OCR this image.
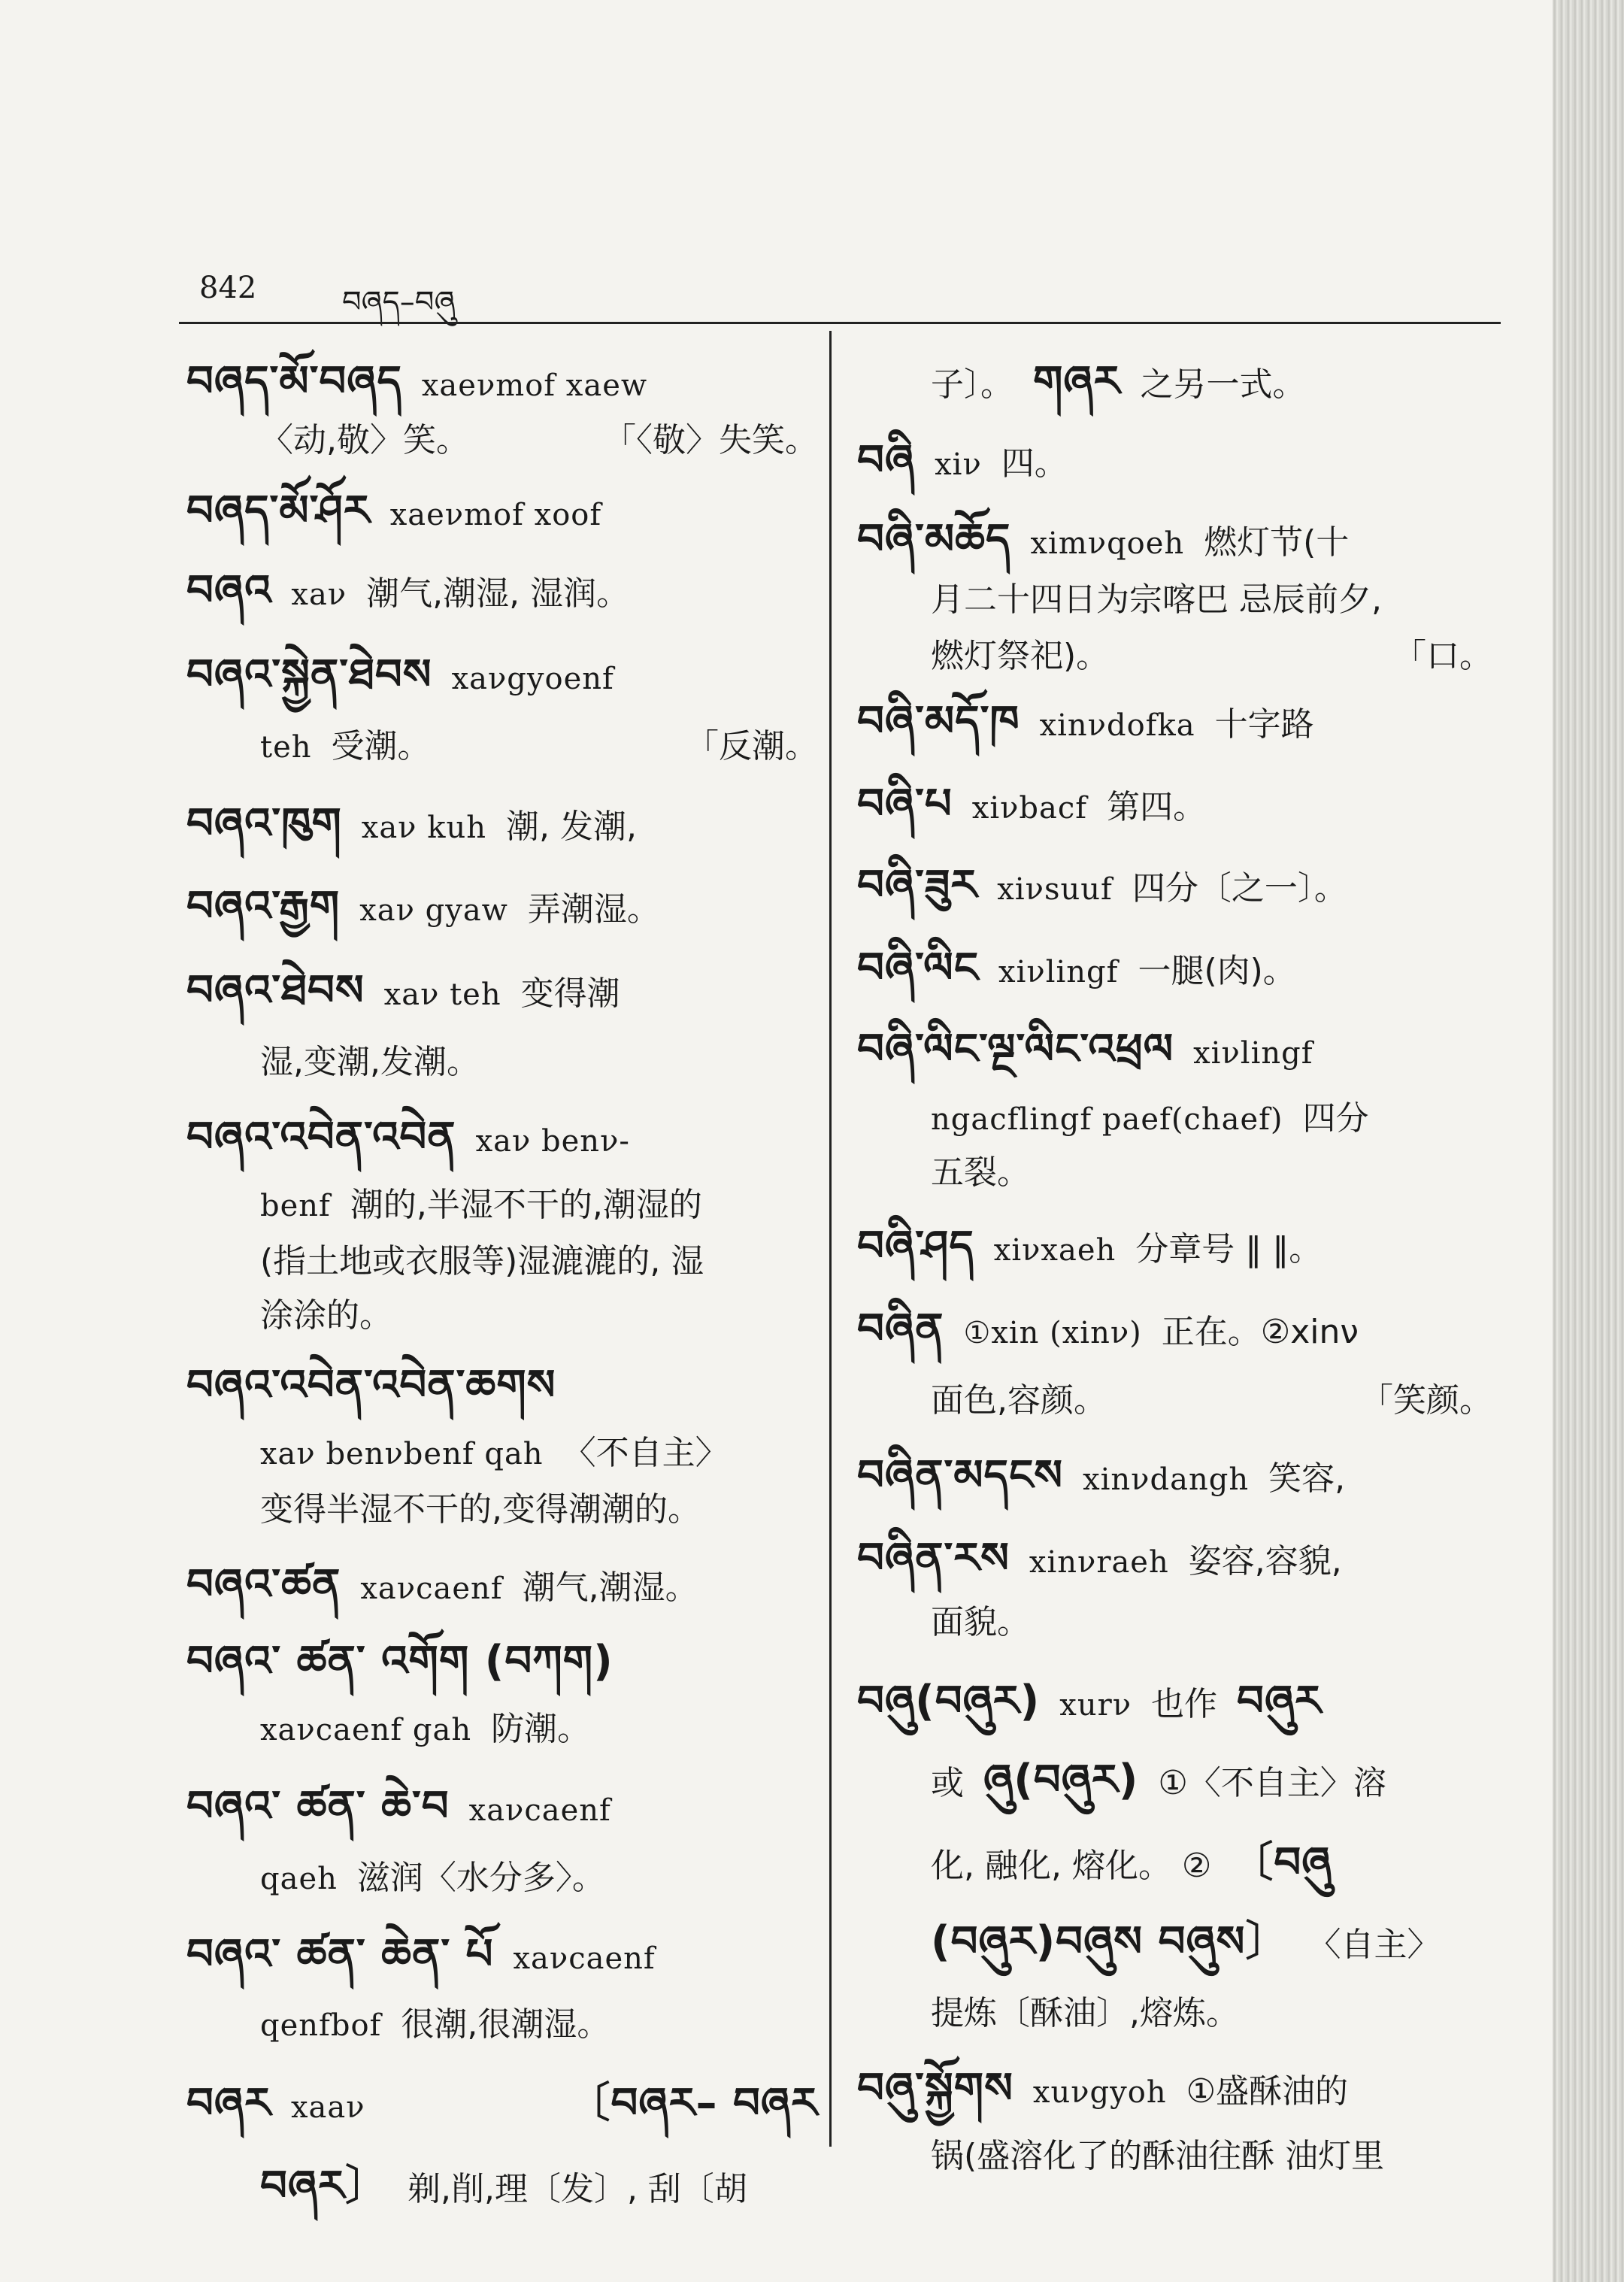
842	བཞད–བཞུ
བཞད་མོ་བཞད xaeνmof xaew
〈动,敬〉笑。	「〈敬〉失笑。
བཞད་མོ་ཤོར xaeνmof xoof
བཞའ xaν 潮气,潮湿, 湿润。
བཞའ་སྐྱེན་ཐེབས xaνgyoenf
teh 受潮。	「反潮。
བཞའ་ཁུག xaν kuh 潮, 发潮,
བཞའ་རྒྱག xaν gyaw 弄潮湿。
བཞའ་ཐེབས xaν teh 变得潮
湿,变潮,发潮。
བཞའ་འབེན་འབེན xaν benν-
benf 潮的,半湿不干的,潮湿的
(指土地或衣服等)湿漉漉的, 湿
涂涂的。
བཞའ་འབེན་འབེན་ཆགས
xaν benνbenf qah 〈不自主〉
变得半湿不干的,变得潮潮的。
བཞའ་ཚན xaνcaenf 潮气,潮湿。
བཞའ་ ཚན་ འགོག (བཀག)
xaνcaenf gah 防潮。
བཞའ་ ཚན་ ཆེ་བ xaνcaenf
qaeh 滋润〈水分多〉。
བཞའ་ ཚན་ ཆེན་ པོ xaνcaenf
qenfbof 很潮,很潮湿。
བཞར xaaν	〔བཞར– བཞར
བཞར〕 剃,削,理〔发〕, 刮〔胡
子〕。 གཞར 之另一式。
བཞི xiν 四。
བཞི་མཆོད ximνqoeh 燃灯节(十
月二十四日为宗喀巴 忌辰前夕,
燃灯祭祀)。	「口。
བཞི་མདོ་ཁ xinνdofka 十字路
བཞི་པ xiνbacf 第四。
བཞི་ཟུར xiνsuuf 四分〔之一〕。
བཞི་ལིང xiνlingf 一腿(肉)。
བཞི་ལིང་ལྔ་ལིང་འཕྲལ xiνlingf
ngacflingf paef(chaef) 四分
五裂。
བཞི་ཤད xiνxaeh 分章号 ‖ ‖。
བཞིན ①xin (xinν) 正在。②xinν
面色,容颜。	「笑颜。
བཞིན་མདངས xinνdangh 笑容,
བཞིན་རས xinνraeh 姿容,容貌,
面貌。
བཞུ(བཞུར) xurν 也作 བཞུར
或 ཞུ(བཞུར) ①〈不自主〉溶
化, 融化, 熔化。 ② 〔བཞུ
(བཞུར)བཞུས བཞུས〕 〈自主〉
提炼〔酥油〕,熔炼。
བཞུ་སྐྱོགས xuνgyoh ①盛酥油的
锅(盛溶化了的酥油往酥 油灯里
